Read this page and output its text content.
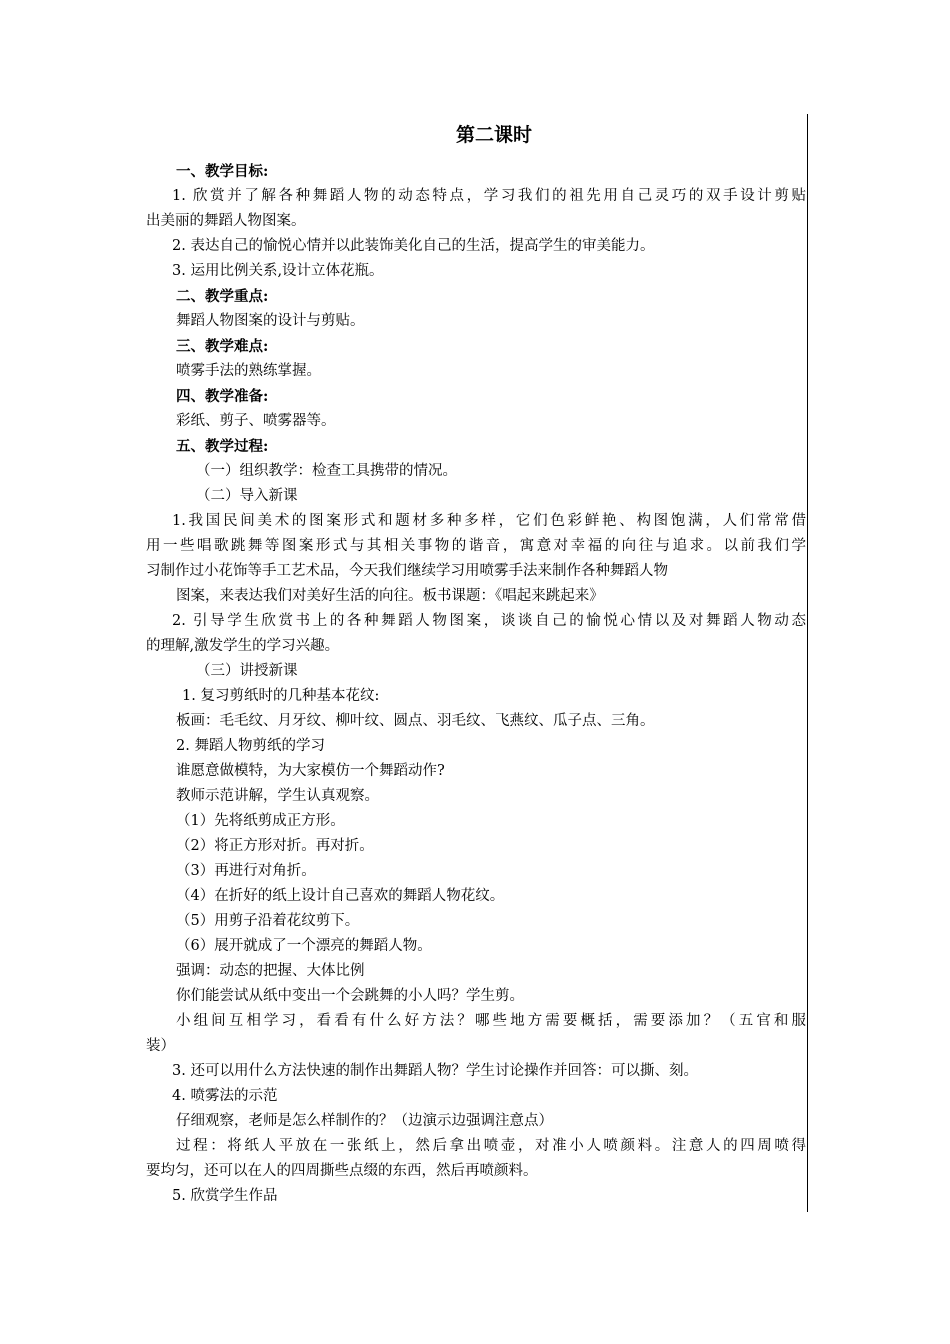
第二课时
一、教学目标:
1. 欣赏并了解各种舞蹈人物的动态特点，学习我们的祖先用自己灵巧的双手设计剪贴
出美丽的舞蹈人物图案。
2. 表达自己的愉悦心情并以此装饰美化自己的生活，提高学生的审美能力。
3. 运用比例关系,设计立体花瓶。
二、教学重点:
舞蹈人物图案的设计与剪贴。
三、教学难点:
喷雾手法的熟练掌握。
四、教学准备:
彩纸、剪子、喷雾器等。
五、教学过程:
（一）组织教学：检查工具携带的情况。
（二）导入新课
1.我国民间美术的图案形式和题材多种多样，它们色彩鲜艳、构图饱满，人们常常借
用一些唱歌跳舞等图案形式与其相关事物的谐音，寓意对幸福的向往与追求。以前我们学
习制作过小花饰等手工艺术品，今天我们继续学习用喷雾手法来制作各种舞蹈人物
图案，来表达我们对美好生活的向往。板书课题：《唱起来跳起来》
2. 引导学生欣赏书上的各种舞蹈人物图案，谈谈自己的愉悦心情以及对舞蹈人物动态
的理解,激发学生的学习兴趣。
（三）讲授新课
1. 复习剪纸时的几种基本花纹:
板画：毛毛纹、月牙纹、柳叶纹、圆点、羽毛纹、飞燕纹、瓜子点、三角。
2. 舞蹈人物剪纸的学习
谁愿意做模特，为大家模仿一个舞蹈动作?
教师示范讲解，学生认真观察。
（1）先将纸剪成正方形。
（2）将正方形对折。再对折。
（3）再进行对角折。
（4）在折好的纸上设计自己喜欢的舞蹈人物花纹。
（5）用剪子沿着花纹剪下。
（6）展开就成了一个漂亮的舞蹈人物。
强调：动态的把握、大体比例
你们能尝试从纸中变出一个会跳舞的小人吗？学生剪。
小组间互相学习，看看有什么好方法？哪些地方需要概括，需要添加？（五官和服
装）
3. 还可以用什么方法快速的制作出舞蹈人物？学生讨论操作并回答：可以撕、刻。
4. 喷雾法的示范
仔细观察，老师是怎么样制作的？（边演示边强调注意点）
过程：将纸人平放在一张纸上，然后拿出喷壶，对准小人喷颜料。注意人的四周喷得
要均匀，还可以在人的四周撕些点缀的东西，然后再喷颜料。
5. 欣赏学生作品
